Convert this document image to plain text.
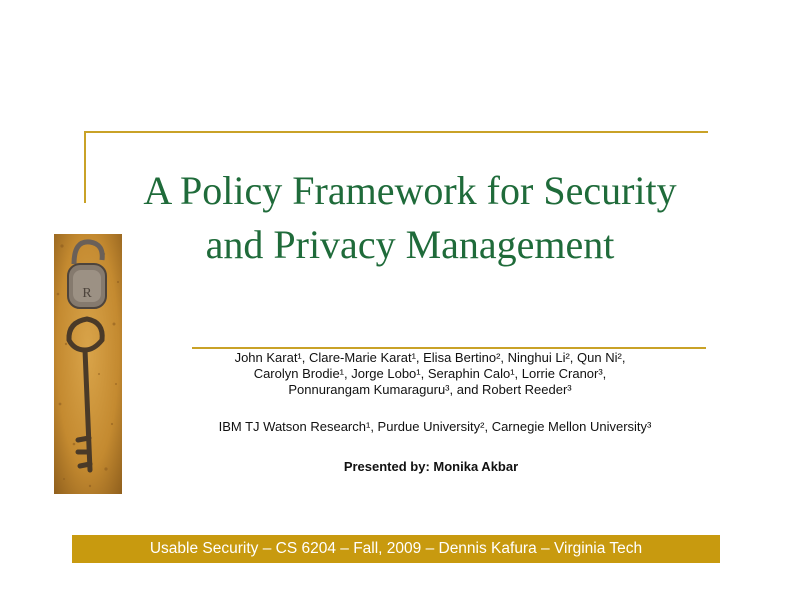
A Policy Framework for Security
and Privacy Management
R
John Karat¹, Clare-Marie Karat¹, Elisa Bertino², Ninghui Li², Qun Ni²,
Carolyn Brodie¹, Jorge Lobo¹, Seraphin Calo¹, Lorrie Cranor³,
Ponnurangam Kumaraguru³, and Robert Reeder³
IBM TJ Watson Research¹, Purdue University², Carnegie Mellon University³
Presented by: Monika Akbar
Usable Security – CS 6204 – Fall, 2009 – Dennis Kafura – Virginia Tech
